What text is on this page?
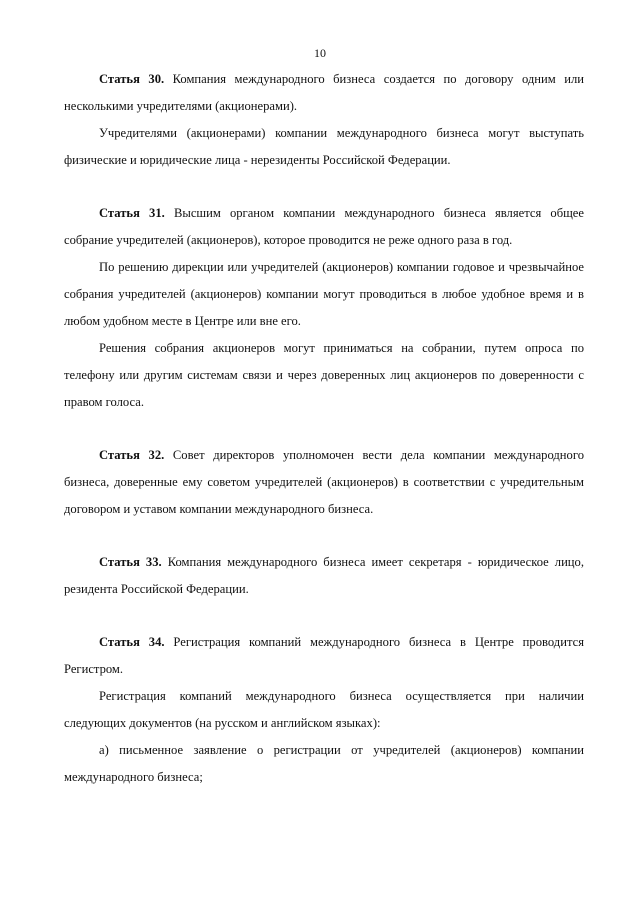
10

Статья 30. Компания международного бизнеса создается по договору одним или несколькими учредителями (акционерами).

Учредителями (акционерами) компании международного бизнеса могут выступать физические и юридические лица - нерезиденты Российской Федерации.

Статья 31. Высшим органом компании международного бизнеса является общее собрание учредителей (акционеров), которое проводится не реже одного раза в год.

По решению дирекции или учредителей (акционеров) компании годовое и чрезвычайное собрания учредителей (акционеров) компании могут проводиться в любое удобное время и в любом удобном месте в Центре или вне его.

Решения собрания акционеров могут приниматься на собрании, путем опроса по телефону или другим системам связи и через доверенных лиц акционеров по доверенности с правом голоса.

Статья 32. Совет директоров уполномочен вести дела компании международного бизнеса, доверенные ему советом учредителей (акционеров) в соответствии с учредительным договором и уставом компании международного бизнеса.

Статья 33. Компания международного бизнеса имеет секретаря - юридическое лицо, резидента Российской Федерации.

Статья 34. Регистрация компаний международного бизнеса в Центре проводится Регистром.

Регистрация компаний международного бизнеса осуществляется при наличии следующих документов (на русском и английском языках):

а) письменное заявление о регистрации от учредителей (акционеров) компании международного бизнеса;
